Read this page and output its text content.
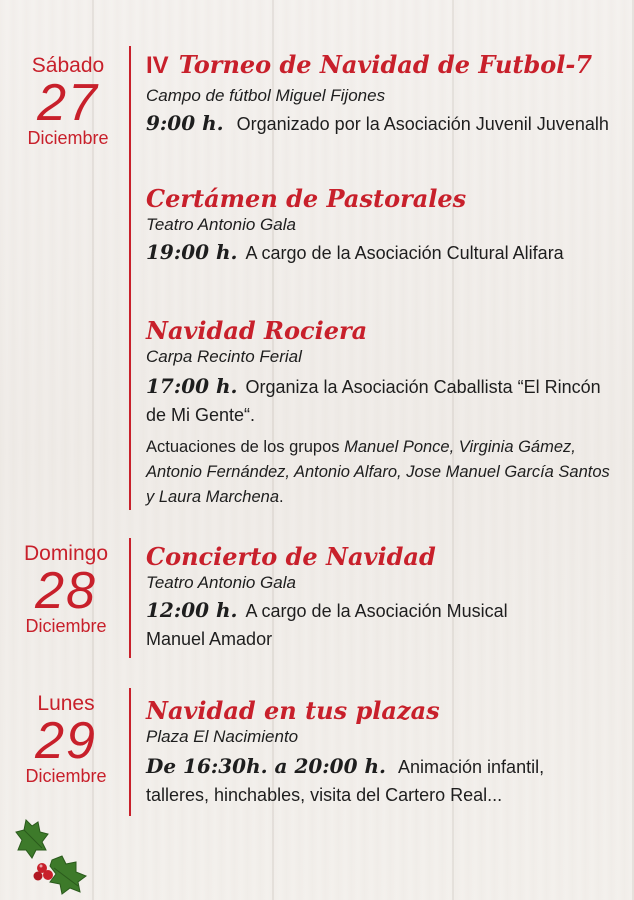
Sábado
27
Diciembre
IV Torneo de Navidad de Futbol-7
Campo de fútbol Miguel Fijones
9:00 h. Organizado por la Asociación Juvenil Juvenalh
Certámen de Pastorales
Teatro Antonio Gala
19:00 h. A cargo de la Asociación Cultural Alifara
Navidad Rociera
Carpa Recinto Ferial
17:00 h. Organiza la Asociación Caballista “El Rincón de Mi Gente“.
Actuaciones de los grupos Manuel Ponce, Virginia Gámez, Antonio Fernández, Antonio Alfaro, Jose Manuel García Santos y Laura Marchena.
Domingo
28
Diciembre
Concierto de Navidad
Teatro Antonio Gala
12:00 h. A cargo de la Asociación Musical Manuel Amador
Lunes
29
Diciembre
Navidad en tus plazas
Plaza El Nacimiento
De 16:30h. a 20:00 h. Animación infantil, talleres, hinchables, visita del Cartero Real...
